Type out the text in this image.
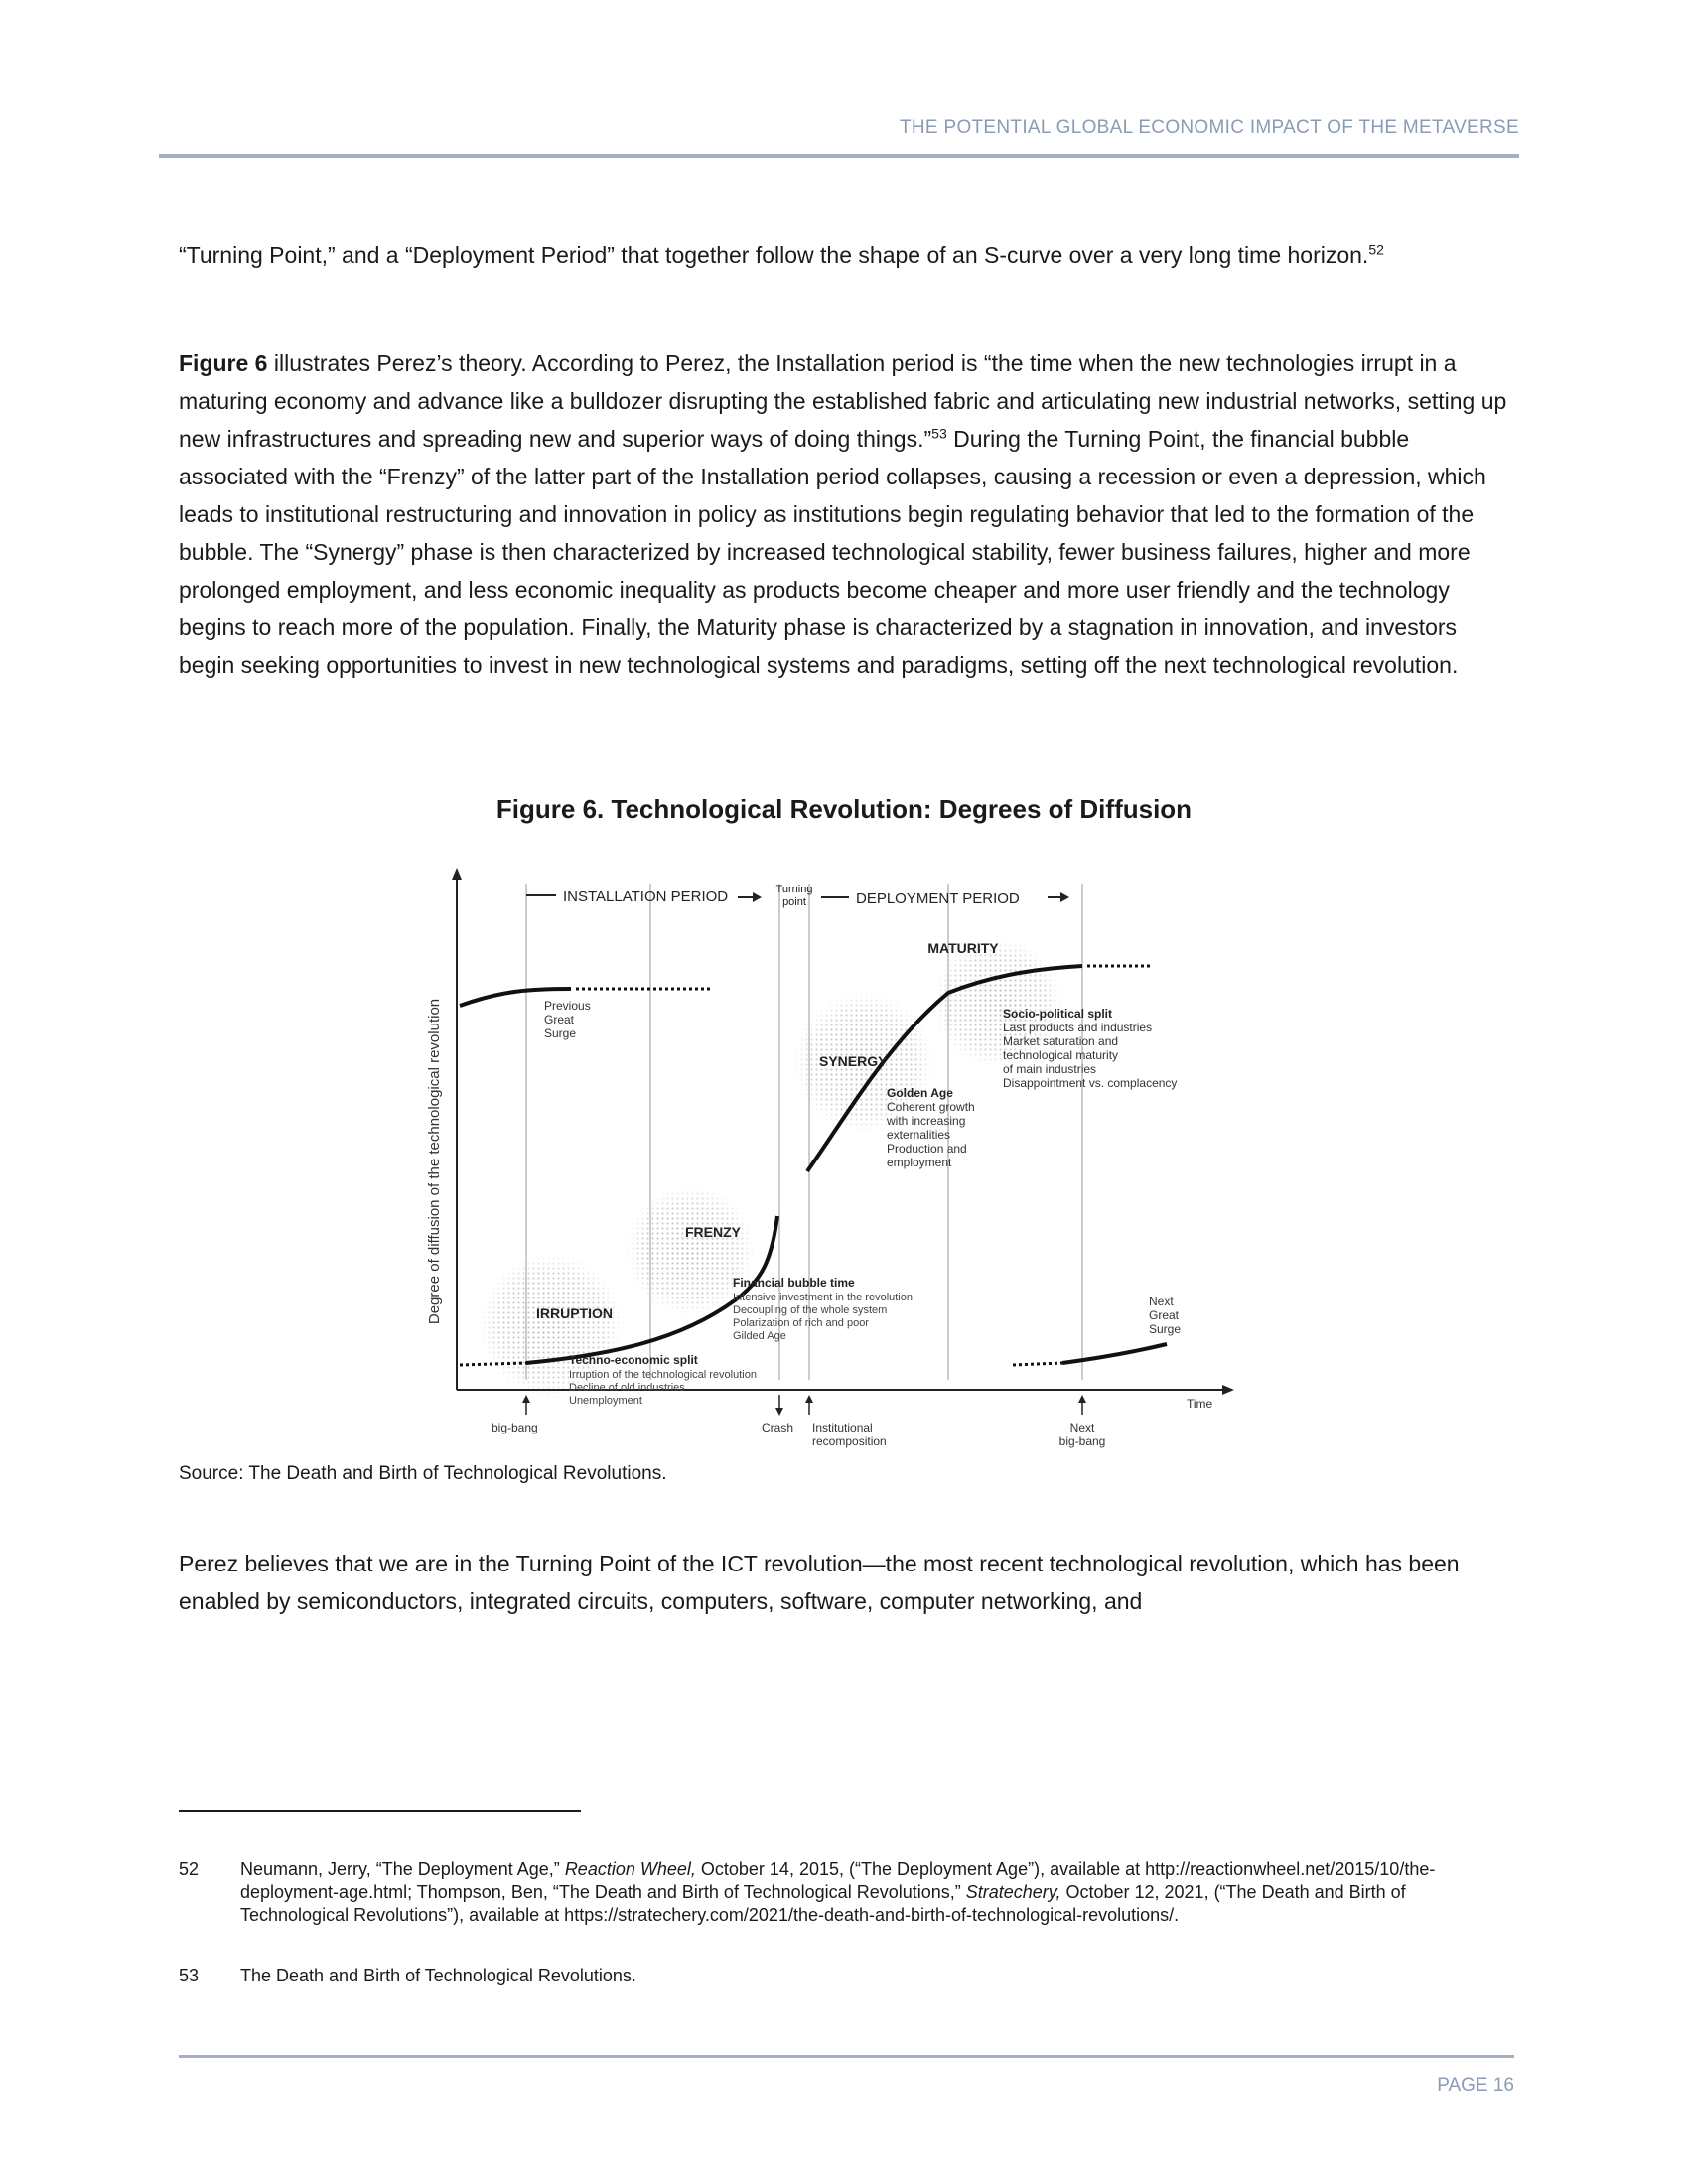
THE POTENTIAL GLOBAL ECONOMIC IMPACT OF THE METAVERSE

“Turning Point,” and a “Deployment Period” that together follow the shape of an S-curve over a very long time horizon.$^{52}$

Figure 6 illustrates Perez’s theory. According to Perez, the Installation period is “the time when the new technologies irrupt in a maturing economy and advance like a bulldozer disrupting the established fabric and articulating new industrial networks, setting up new infrastructures and spreading new and superior ways of doing things.”$^{53}$ During the Turning Point, the financial bubble associated with the “Frenzy” of the latter part of the Installation period collapses, causing a recession or even a depression, which leads to institutional restructuring and innovation in policy as institutions begin regulating behavior that led to the formation of the bubble. The “Synergy” phase is then characterized by increased technological stability, fewer business failures, higher and more prolonged employment, and less economic inequality as products become cheaper and more user friendly and the technology begins to reach more of the population. Finally, the Maturity phase is characterized by a stagnation in innovation, and investors begin seeking opportunities to invest in new technological systems and paradigms, setting off the next technological revolution.

Figure 6. Technological Revolution: Degrees of Diffusion
INSTALLATION PERIOD	Turning
point	DEPLOYMENT PERIOD
MATURITY
SYNERGY
FRENZY
IRRUPTION
Previous
Great
Surge
Socio-political split
Last products and industries
Market saturation and
technological maturity
of main industries
Disappointment vs. complacency
Golden Age
Coherent growth
with increasing
externalities
Production and
employment
Financial bubble time
Intensive investment in the revolution
Decoupling of the whole system
Polarization of rich and poor
Gilded Age
Techno-economic split
Irruption of the technological revolution
Decline of old industries
Unemployment
Next
Great
Surge
big-bang	Crash Institutional
recomposition
Next
big-bang
Time
Degree of diffusion of the technological revolution
Source: The Death and Birth of Technological Revolutions.

Perez believes that we are in the Turning Point of the ICT revolution—the most recent technological revolution, which has been enabled by semiconductors, integrated circuits, computers, software, computer networking, and

52 Neumann, Jerry, “The Deployment Age,” Reaction Wheel, October 14, 2015, (“The Deployment Age”), available at http://reactionwheel.net/2015/10/the-deployment-age.html; Thompson, Ben, “The Death and Birth of Technological Revolutions,” Stratechery, October 12, 2021, (“The Death and Birth of Technological Revolutions”), available at https://stratechery.com/2021/the-death-and-birth-of-technological-revolutions/.
53 The Death and Birth of Technological Revolutions.
PAGE 16
